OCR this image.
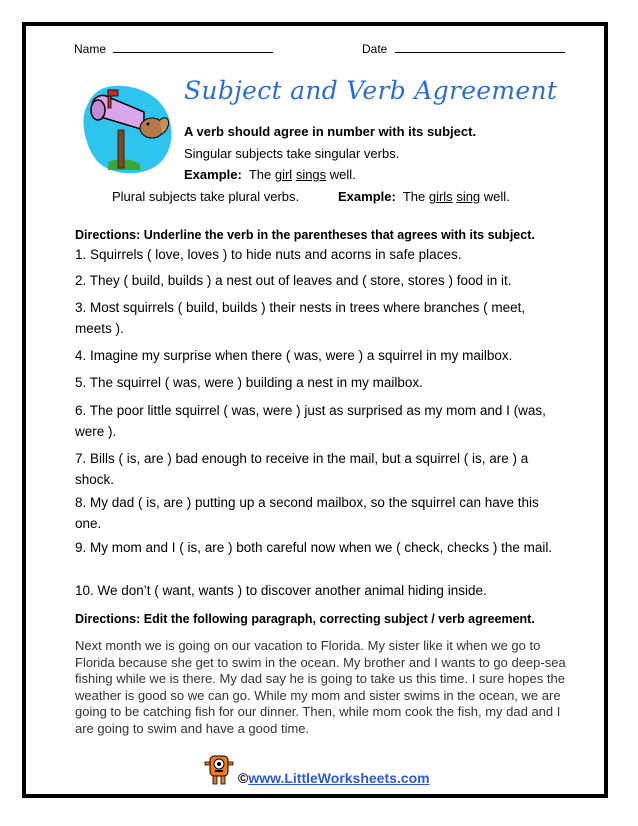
Name	Date
Subject and Verb Agreement
A verb should agree in number with its subject.
Singular subjects take singular verbs.
Example: The girl sings well.
Plural subjects take plural verbs.	Example: The girls sing well.
Directions: Underline the verb in the parentheses that agrees with its subject.
1. Squirrels ( love, loves ) to hide nuts and acorns in safe places.
2. They ( build, builds ) a nest out of leaves and ( store, stores ) food in it.
3. Most squirrels ( build, builds ) their nests in trees where branches ( meet, meets ).
4. Imagine my surprise when there ( was, were ) a squirrel in my mailbox.
5. The squirrel ( was, were ) building a nest in my mailbox.
6. The poor little squirrel ( was, were ) just as surprised as my mom and I (was, were ).
7. Bills ( is, are ) bad enough to receive in the mail, but a squirrel ( is, are ) a shock.
8. My dad ( is, are ) putting up a second mailbox, so the squirrel can have this one.
9. My mom and I ( is, are ) both careful now when we ( check, checks ) the mail.
10. We don’t ( want, wants ) to discover another animal hiding inside.
Directions: Edit the following paragraph, correcting subject / verb agreement.
Next month we is going on our vacation to Florida. My sister like it when we go to Florida because she get to swim in the ocean. My brother and I wants to go deep-sea fishing while we is there. My dad say he is going to take us this time. I sure hopes the weather is good so we can go. While my mom and sister swims in the ocean, we are going to be catching fish for our dinner. Then, while mom cook the fish, my dad and I are going to swim and have a good time.
©www.LittleWorksheets.com
